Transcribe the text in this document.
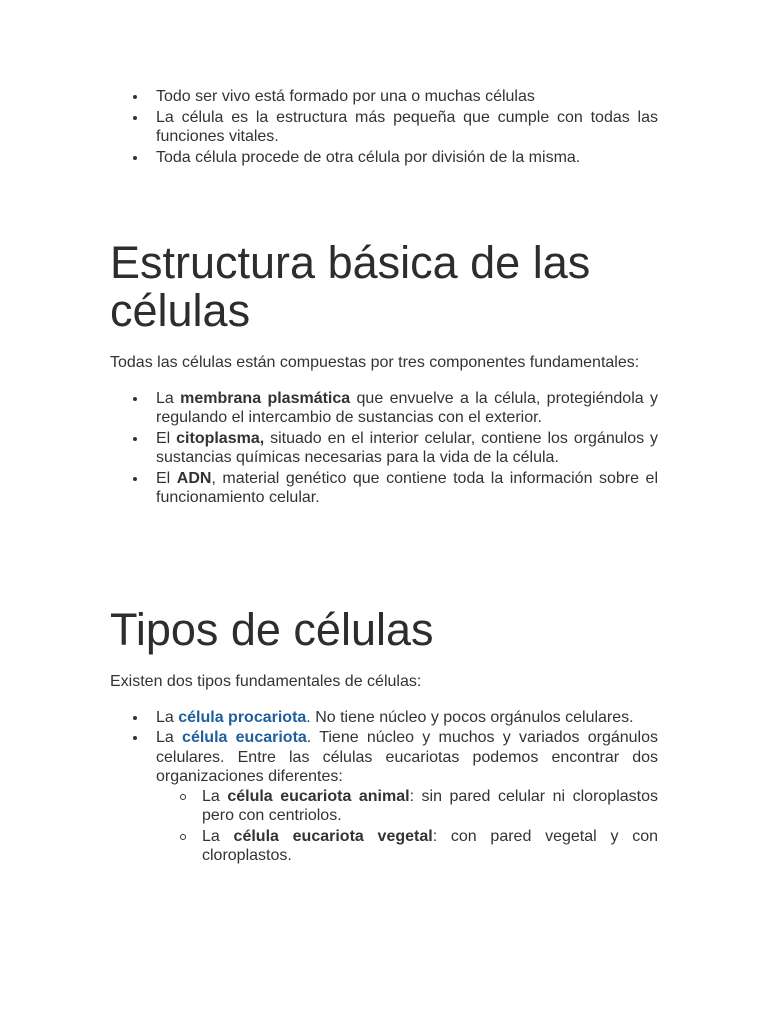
Todo ser vivo está formado por una o muchas células
La célula es la estructura más pequeña que cumple con todas las funciones vitales.
Toda célula procede de otra célula por división de la misma.
Estructura básica de las células

Todas las células están compuestas por tres componentes fundamentales:

La membrana plasmática que envuelve a la célula, protegiéndola y regulando el intercambio de sustancias con el exterior.
El citoplasma, situado en el interior celular, contiene los orgánulos y sustancias químicas necesarias para la vida de la célula.
El ADN, material genético que contiene toda la información sobre el funcionamiento celular.
Tipos de células

Existen dos tipos fundamentales de células:

La célula procariota. No tiene núcleo y pocos orgánulos celulares.
La célula eucariota. Tiene núcleo y muchos y variados orgánulos celulares. Entre las células eucariotas podemos encontrar dos organizaciones diferentes:
La célula eucariota animal: sin pared celular ni cloroplastos pero con centriolos.
La célula eucariota vegetal: con pared vegetal y con cloroplastos.
